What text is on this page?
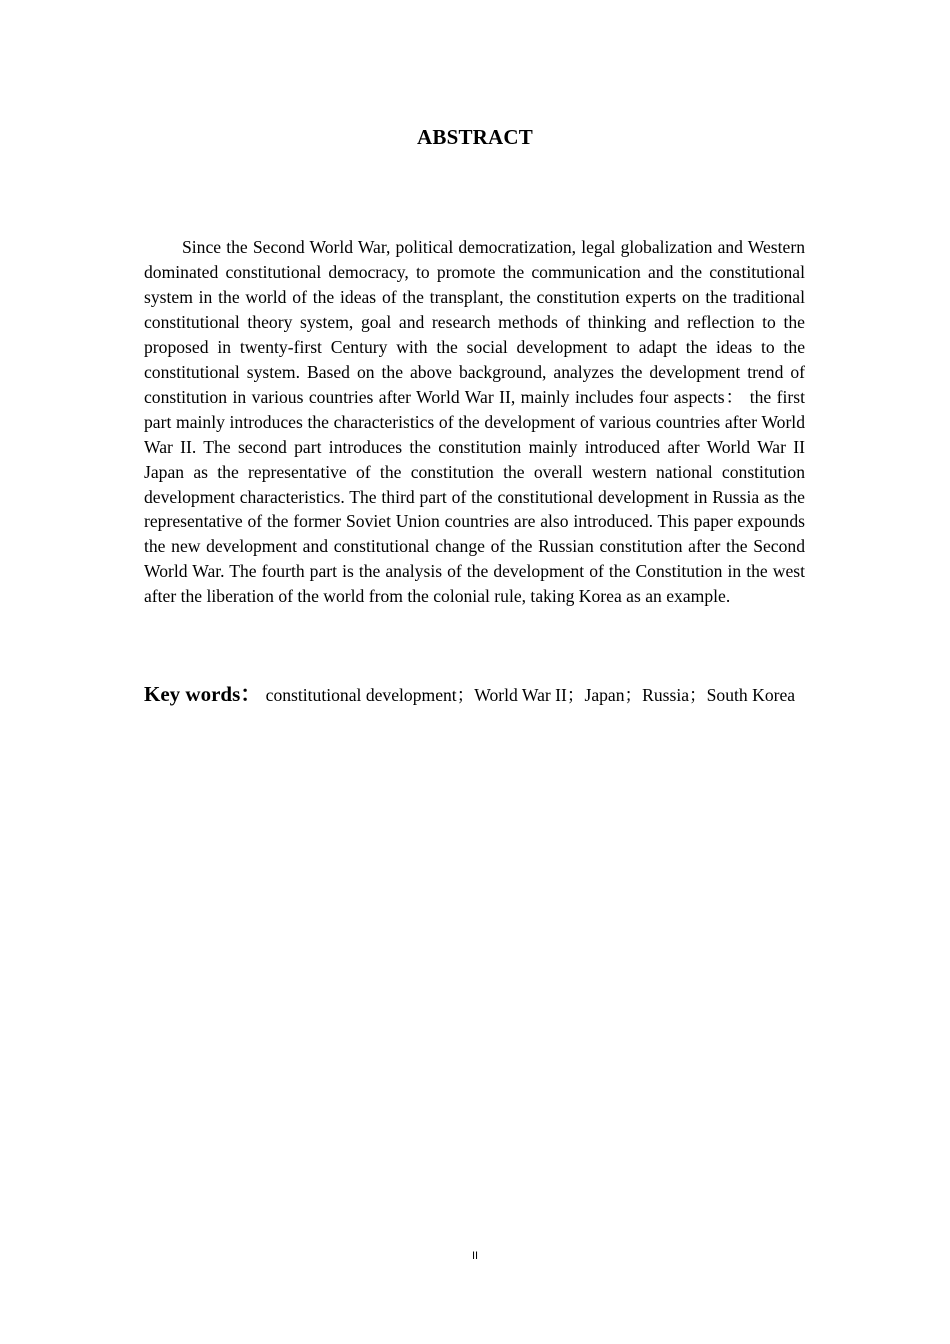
ABSTRACT

Since the Second World War, political democratization, legal globalization and Western dominated constitutional democracy, to promote the communication and the constitutional system in the world of the ideas of the transplant, the constitution experts on the traditional constitutional theory system, goal and research methods of thinking and reflection to the proposed in twenty-first Century with the social development to adapt the ideas to the constitutional system. Based on the above background, analyzes the development trend of constitution in various countries after World War II, mainly includes four aspects： the first part mainly introduces the characteristics of the development of various countries after World War II. The second part introduces the constitution mainly introduced after World War II Japan as the representative of the constitution the overall western national constitution development characteristics. The third part of the constitutional development in Russia as the representative of the former Soviet Union countries are also introduced. This paper expounds the new development and constitutional change of the Russian constitution after the Second World War. The fourth part is the analysis of the development of the Constitution in the west after the liberation of the world from the colonial rule, taking Korea as an example.

Key words： constitutional development；World War II；Japan；Russia；South Korea
II
